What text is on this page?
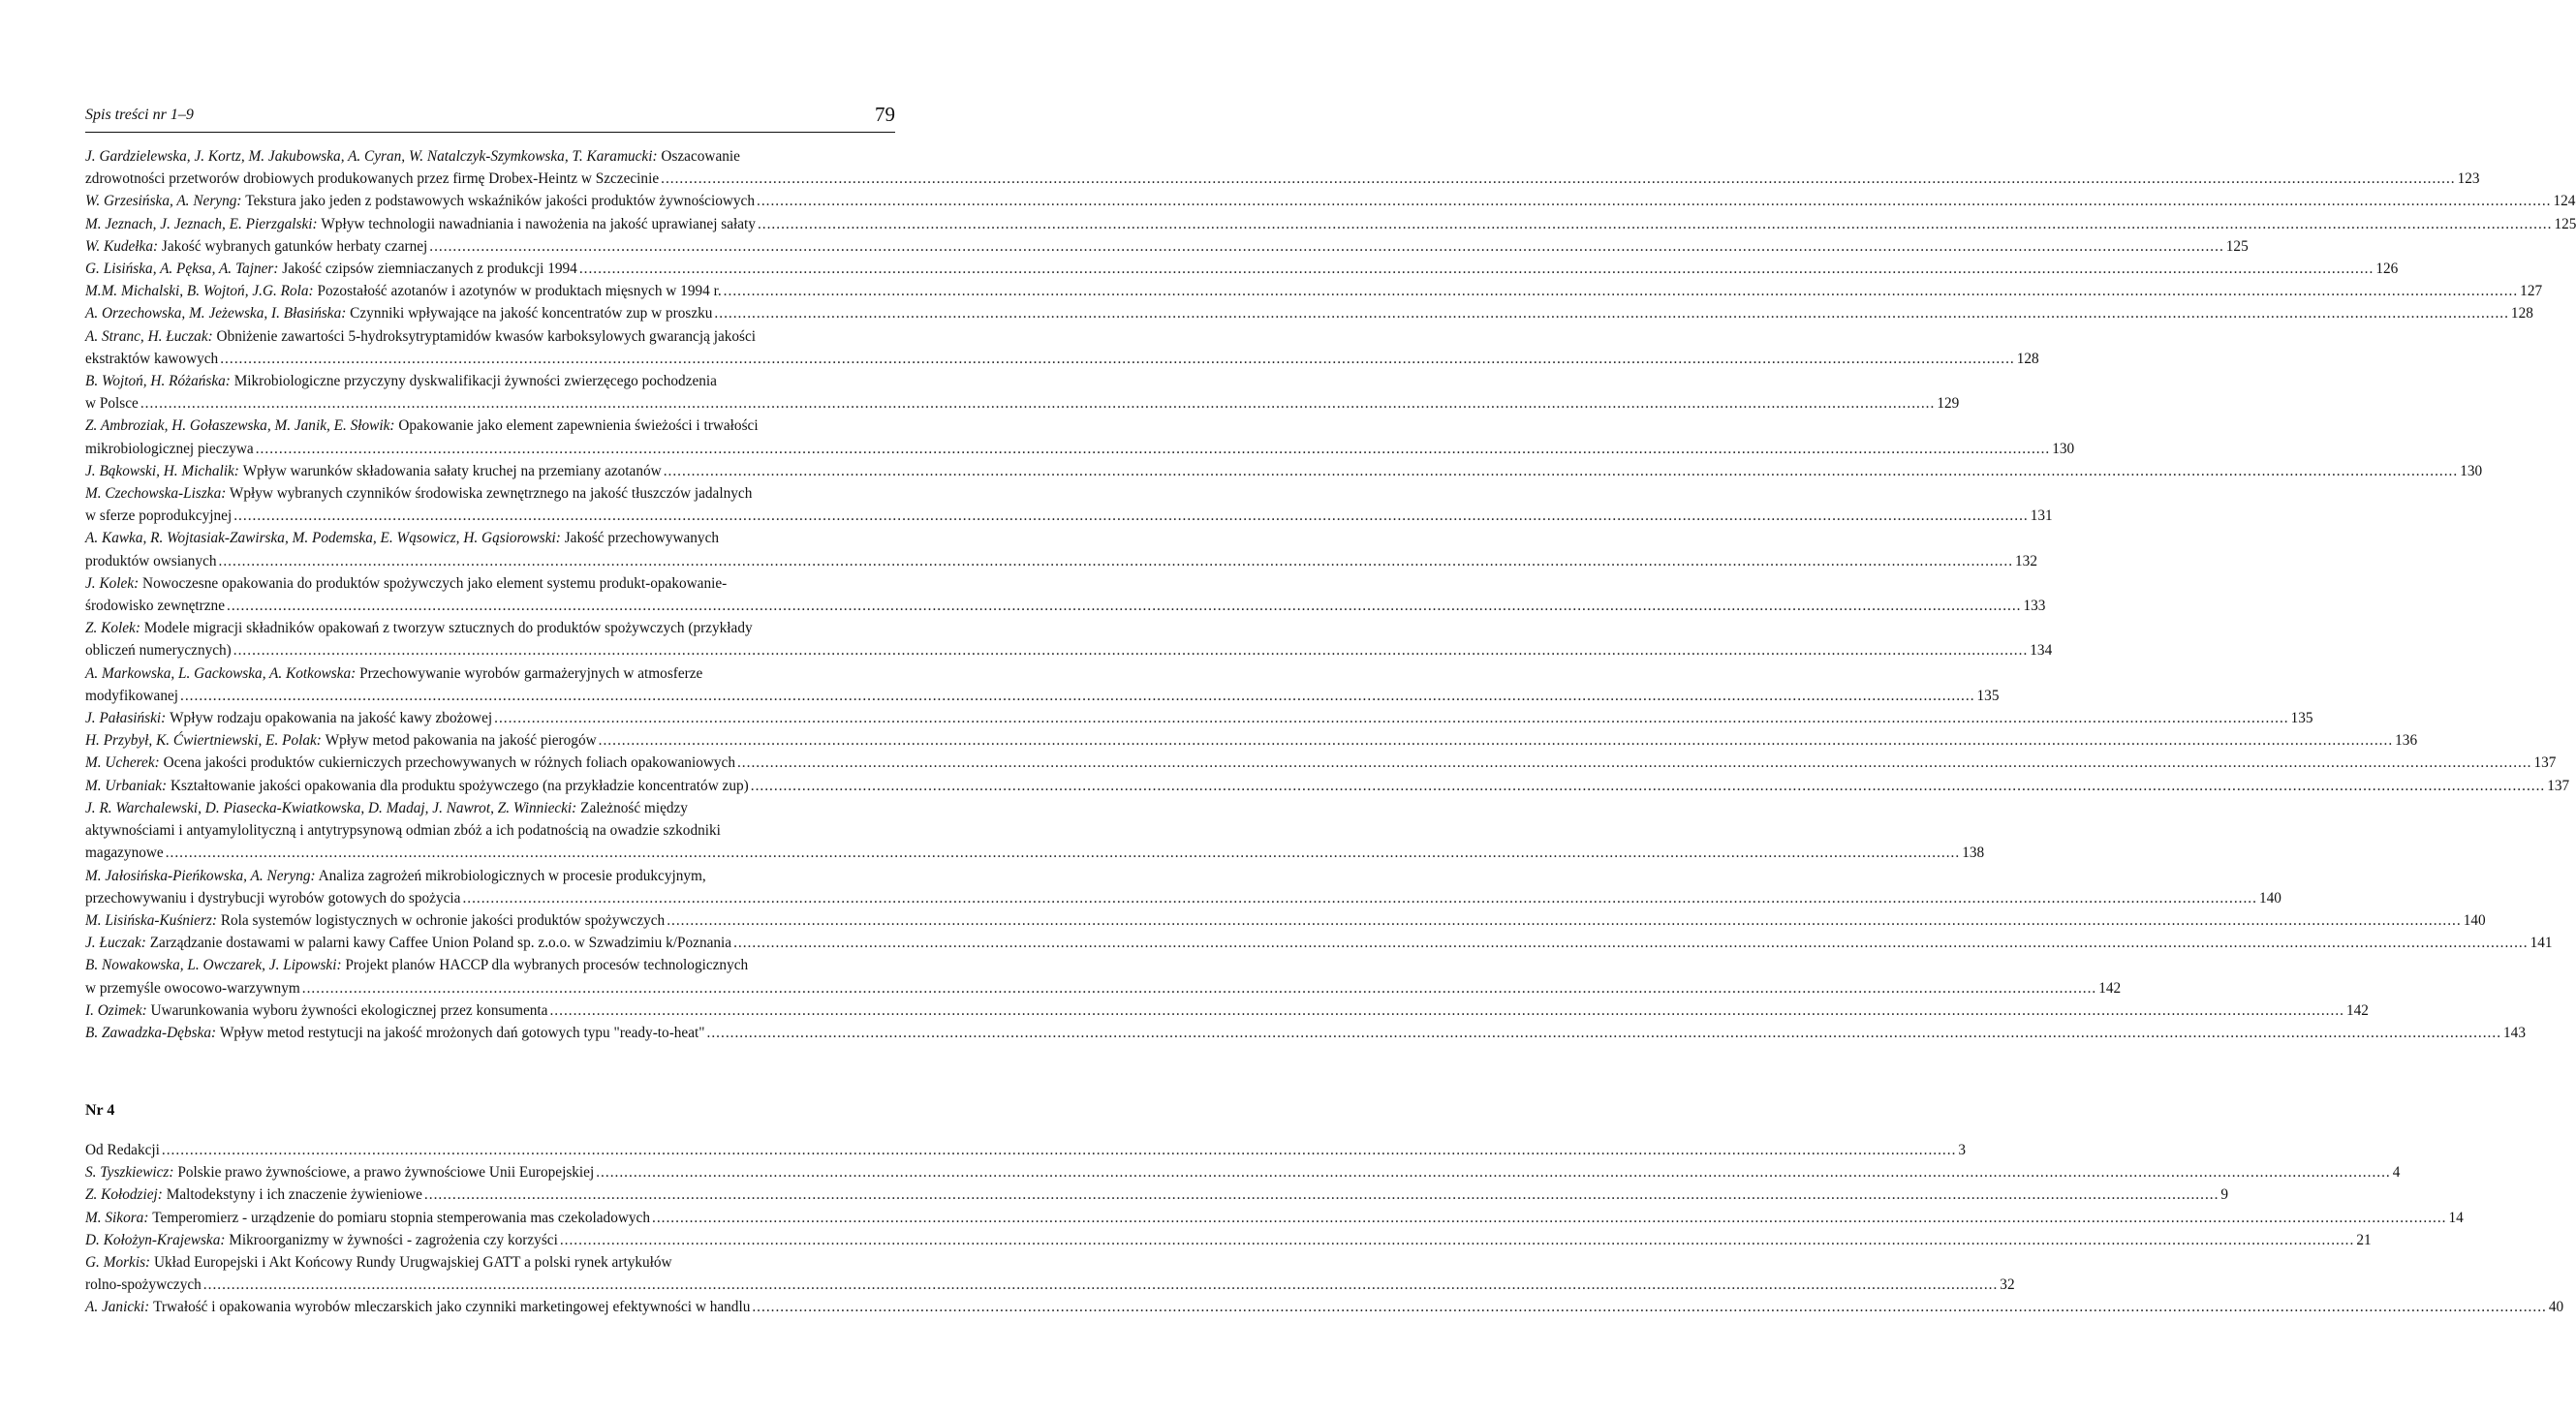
Spis treści nr 1–9	79
J. Gardzielewska, J. Kortz, M. Jakubowska, A. Cyran, W. Natalczyk-Szymkowska, T. Karamucki: Oszacowanie
zdrowotności przetworów drobiowych produkowanych przez firmę Drobex-Heintz w Szczecinie .....	123
W. Grzesińska, A. Neryng:
Tekstura jako jeden z podstawowych wskaźników jakości produktów żywnościowych .....	124
M. Jeznach, J. Jeznach, E. Pierzgalski:
Wpływ technologii nawadniania i nawożenia na jakość uprawianej sałaty .....	125
W. Kudełka:
Jakość wybranych gatunków herbaty czarnej .....	125
G. Lisińska, A. Pęksa, A. Tajner:
Jakość czipsów ziemniaczanych z produkcji 1994 .....	126
M.M. Michalski, B. Wojtoń, J.G. Rola:
Pozostałość azotanów i azotynów w produktach mięsnych w 1994 r. .....	127
A. Orzechowska, M. Jeżewska, I. Błasińska:
Czynniki wpływające na jakość koncentratów zup w proszku .....	128
A. Stranc, H. Łuczak: Obniżenie zawartości 5-hydroksytryptamidów kwasów karboksylowych gwarancją jakości
ekstraktów kawowych .....	128
B. Wojtoń, H. Różańska: Mikrobiologiczne przyczyny dyskwalifikacji żywności zwierzęcego pochodzenia
w Polsce .....	129
Z. Ambroziak, H. Gołaszewska, M. Janik, E. Słowik: Opakowanie jako element zapewnienia świeżości i trwałości
mikrobiologicznej pieczywa .....	130
J. Bąkowski, H. Michalik:
Wpływ warunków składowania sałaty kruchej na przemiany azotanów .....	130
M. Czechowska-Liszka: Wpływ wybranych czynników środowiska zewnętrznego na jakość tłuszczów jadalnych
w sferze poprodukcyjnej .....	131
A. Kawka, R. Wojtasiak-Zawirska, M. Podemska, E. Wąsowicz, H. Gąsiorowski: Jakość przechowywanych
produktów owsianych .....	132
J. Kolek: Nowoczesne opakowania do produktów spożywczych jako element systemu produkt-opakowanie-
środowisko zewnętrzne .....	133
Z. Kolek: Modele migracji składników opakowań z tworzyw sztucznych do produktów spożywczych (przykłady
obliczeń numerycznych) .....	134
A. Markowska, L. Gackowska, A. Kotkowska: Przechowywanie wyrobów garmażeryjnych w atmosferze
modyfikowanej .....	135
J. Pałasiński:
Wpływ rodzaju opakowania na jakość kawy zbożowej .....	135
H. Przybył, K. Ćwiertniewski, E. Polak:
Wpływ metod pakowania na jakość pierogów .....	136
M. Ucherek:
Ocena jakości produktów cukierniczych przechowywanych w różnych foliach opakowaniowych .....	137
M. Urbaniak:
Kształtowanie jakości opakowania dla produktu spożywczego (na przykładzie koncentratów zup) .....	137
J. R. Warchalewski, D. Piasecka-Kwiatkowska, D. Madaj, J. Nawrot, Z. Winniecki: Zależność między
aktywnościami i antyamylolityczną i antytrypsynową odmian zbóż a ich podatnością na owadzie szkodniki
magazynowe .....	138
M. Jałosińska-Pieńkowska, A. Neryng: Analiza zagrożeń mikrobiologicznych w procesie produkcyjnym,
przechowywaniu i dystrybucji wyrobów gotowych do spożycia .....	140
M. Lisińska-Kuśnierz:
Rola systemów logistycznych w ochronie jakości produktów spożywczych .....	140
J. Łuczak:
Zarządzanie dostawami w palarni kawy Caffee Union Poland sp. z.o.o. w Szwadzimiu k/Poznania .....	141
B. Nowakowska, L. Owczarek, J. Lipowski: Projekt planów HACCP dla wybranych procesów technologicznych
w przemyśle owocowo-warzywnym .....	142
I. Ozimek:
Uwarunkowania wyboru żywności ekologicznej przez konsumenta .....	142
B. Zawadzka-Dębska:
Wpływ metod restytucji na jakość mrożonych dań gotowych typu "ready-to-heat" .....	143
Nr 4
Od Redakcji .....	3
S. Tyszkiewicz:
Polskie prawo żywnościowe, a prawo żywnościowe Unii Europejskiej .....	4
Z. Kołodziej:
Maltodekstyny i ich znaczenie żywieniowe .....	9
M. Sikora:
Temperomierz - urządzenie do pomiaru stopnia stemperowania mas czekoladowych .....	14
D. Kołożyn-Krajewska:
Mikroorganizmy w żywności - zagrożenia czy korzyści .....	21
G. Morkis: Układ Europejski i Akt Końcowy Rundy Urugwajskiej GATT a polski rynek artykułów
rolno-spożywczych .....	32
A. Janicki:
Trwałość i opakowania wyrobów mleczarskich jako czynniki marketingowej efektywności w handlu .....	40
